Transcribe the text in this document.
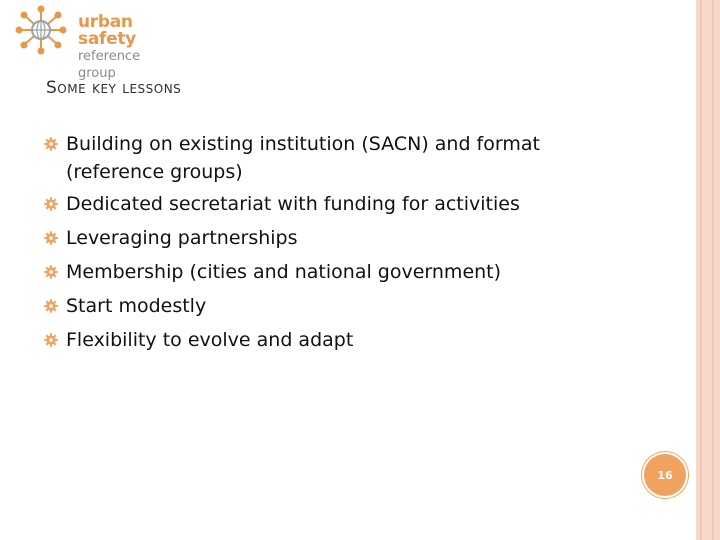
urban safety
reference group
Some key lessons
Building on existing institution (SACN) and format (reference groups)
Dedicated secretariat with funding for activities
Leveraging partnerships
Membership (cities and national government)
Start modestly
Flexibility to evolve and adapt
16
